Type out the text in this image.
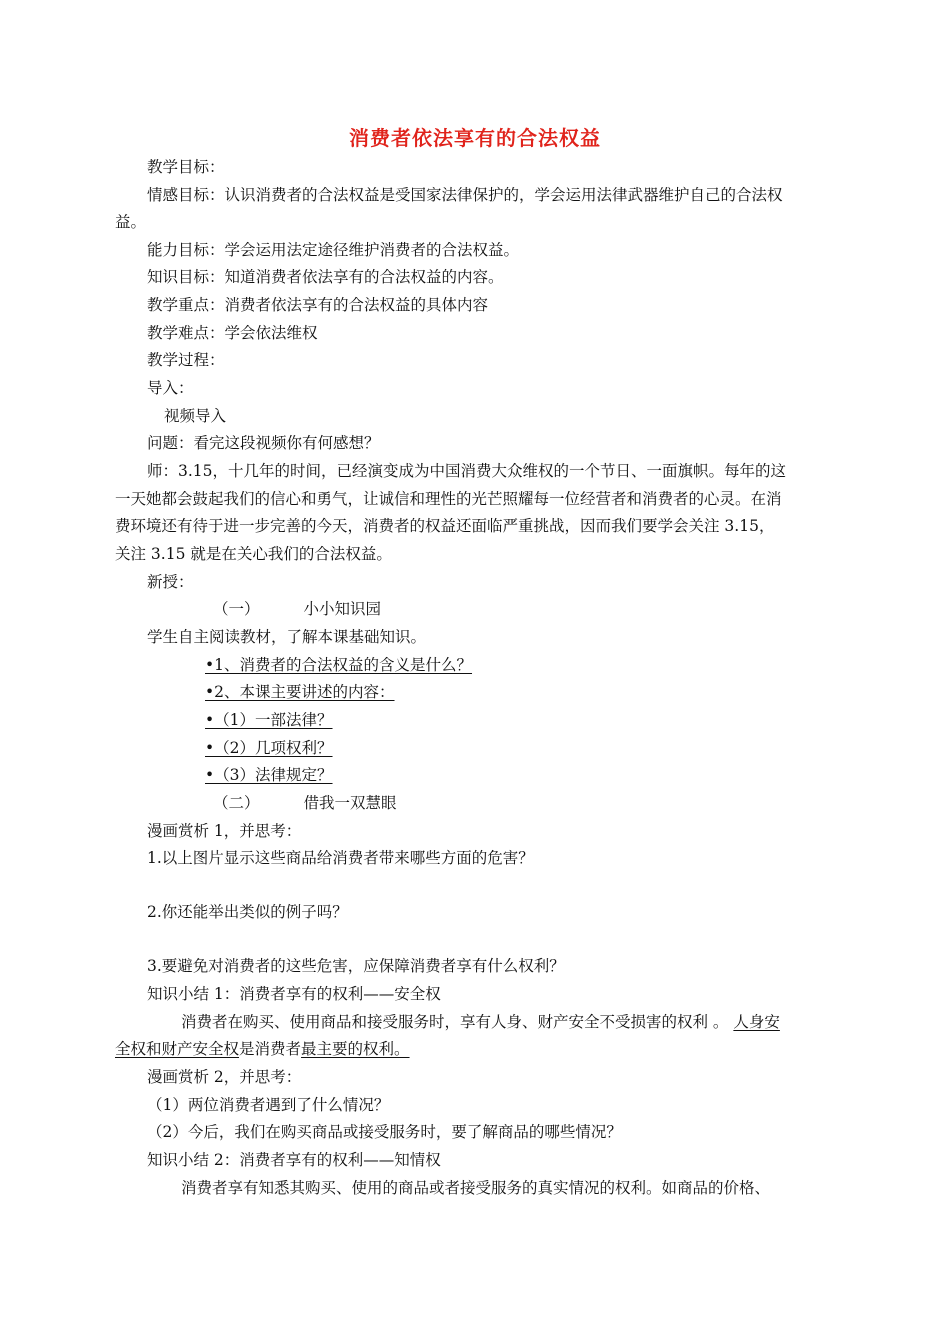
消费者依法享有的合法权益
教学目标：
情感目标：认识消费者的合法权益是受国家法律保护的，学会运用法律武器维护自己的合法权
益。
能力目标：学会运用法定途径维护消费者的合法权益。
知识目标：知道消费者依法享有的合法权益的内容。
教学重点：消费者依法享有的合法权益的具体内容
教学难点：学会依法维权
教学过程：
导入：
视频导入
问题：看完这段视频你有何感想？
师：3.15，十几年的时间，已经演变成为中国消费大众维权的一个节日、一面旗帜。每年的这
一天她都会鼓起我们的信心和勇气，让诚信和理性的光芒照耀每一位经营者和消费者的心灵。在消
费环境还有待于进一步完善的今天，消费者的权益还面临严重挑战，因而我们要学会关注 3.15，
关注 3.15 就是在关心我们的合法权益。
新授：
（一）	小小知识园
学生自主阅读教材，了解本课基础知识。
•1、消费者的合法权益的含义是什么？
•2、本课主要讲述的内容：
•（1）一部法律？
•（2）几项权利？
•（3）法律规定？
（二）	借我一双慧眼
漫画赏析 1，并思考：
1.以上图片显示这些商品给消费者带来哪些方面的危害？
2.你还能举出类似的例子吗？
3.要避免对消费者的这些危害，应保障消费者享有什么权利？
知识小结 1：消费者享有的权利——安全权
消费者在购买、使用商品和接受服务时，享有人身、财产安全不受损害的权利 。 人身安
全权和财产安全权是消费者最主要的权利。
漫画赏析 2，并思考：
（1）两位消费者遇到了什么情况？
（2）今后，我们在购买商品或接受服务时，要了解商品的哪些情况？
知识小结 2：消费者享有的权利——知情权
消费者享有知悉其购买、使用的商品或者接受服务的真实情况的权利。如商品的价格、
